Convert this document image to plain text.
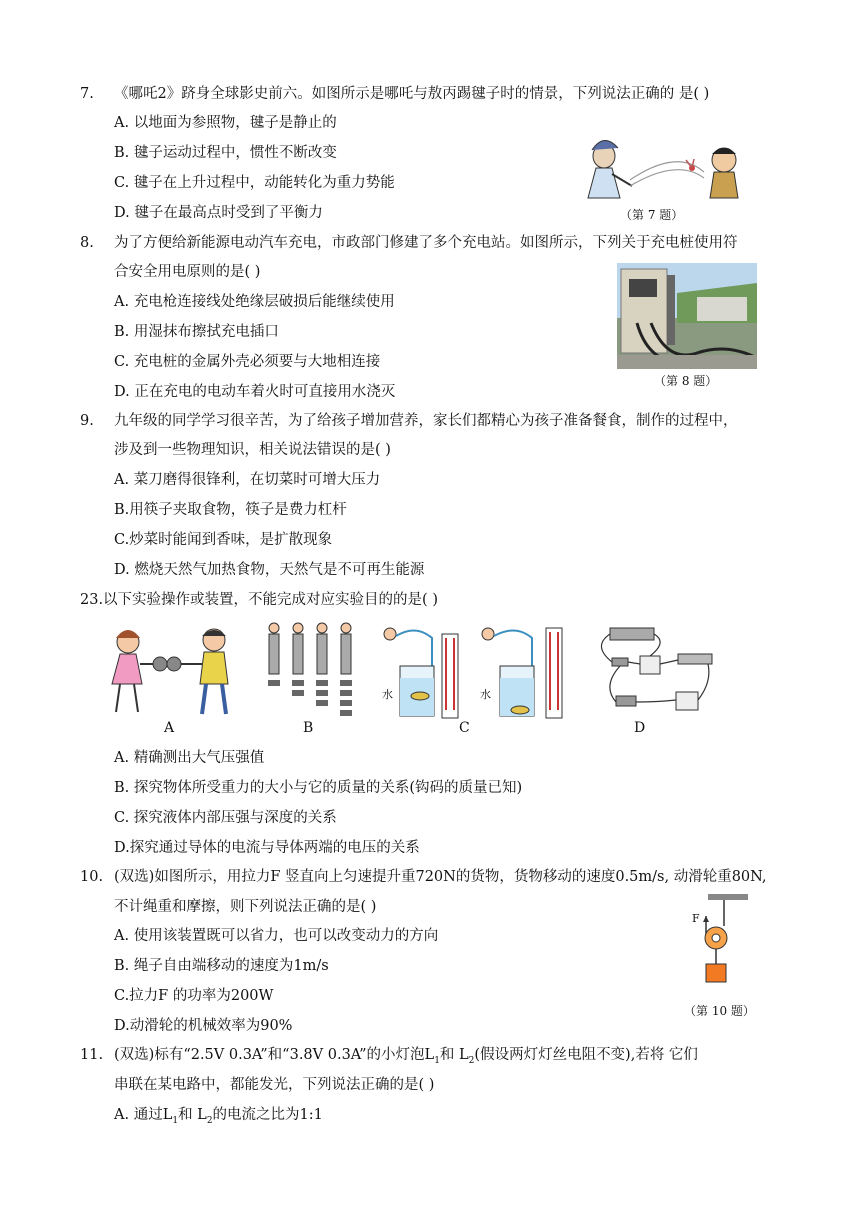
7. 《哪吒2》跻身全球影史前六。如图所示是哪吒与敖丙踢毽子时的情景，下列说法正确的 是( )
A. 以地面为参照物，毽子是静止的
B. 毽子运动过程中，惯性不断改变
C. 毽子在上升过程中，动能转化为重力势能
D. 毽子在最高点时受到了平衡力	（第 7 题）
8. 为了方便给新能源电动汽车充电，市政部门修建了多个充电站。如图所示，下列关于充电桩使用符
合安全用电原则的是( )
A. 充电枪连接线处绝缘层破损后能继续使用
B. 用湿抹布擦拭充电插口
C. 充电桩的金属外壳必须要与大地相连接
D. 正在充电的电动车着火时可直接用水浇灭
（第 8 题）
9. 九年级的同学学习很辛苦，为了给孩子增加营养，家长们都精心为孩子准备餐食，制作的过程中，
涉及到一些物理知识，相关说法错误的是( )
A. 菜刀磨得很锋利，在切菜时可增大压力
B.用筷子夹取食物，筷子是费力杠杆
C.炒菜时能闻到香味，是扩散现象
D. 燃烧天然气加热食物，天然气是不可再生能源
23.以下实验操作或装置，不能完成对应实验目的的是( )
A	B
水	水
C	D
A. 精确测出大气压强值
B. 探究物体所受重力的大小与它的质量的关系(钩码的质量已知)
C. 探究液体内部压强与深度的关系
D.探究通过导体的电流与导体两端的电压的关系
10. (双选)如图所示，用拉力F 竖直向上匀速提升重720N的货物，货物移动的速度0.5m/s, 动滑轮重80N,
不计绳重和摩擦，则下列说法正确的是( )
A. 使用该装置既可以省力，也可以改变动力的方向
B. 绳子自由端移动的速度为1m/s
C.拉力F 的功率为200W
D.动滑轮的机械效率为90%
F
（第 10 题）
11. (双选)标有“2.5V 0.3A”和“3.8V 0.3A”的小灯泡$L_1$和 $L_2$(假设两灯灯丝电阻不变),若将 它们
串联在某电路中，都能发光，下列说法正确的是( )
A. 通过$L_1$和 $L_2$的电流之比为1:1
